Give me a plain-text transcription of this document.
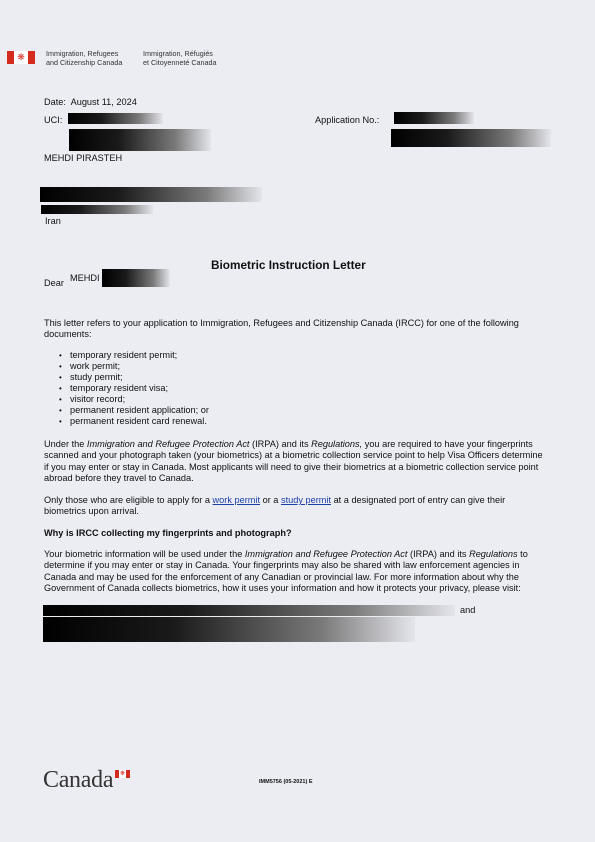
❋	Immigration, Refugees
and Citizenship Canada
Immigration, Réfugiés
et Citoyenneté Canada
Date: August 11, 2024
UCI:	Application No.:
MEHDI PIRASTEH
Iran
Biometric Instruction Letter
Dear MEHDI
This letter refers to your application to Immigration, Refugees and Citizenship Canada (IRCC) for one of the following documents:
• temporary resident permit;
• work permit;
• study permit;
• temporary resident visa;
• visitor record;
• permanent resident application; or
• permanent resident card renewal.
Under the Immigration and Refugee Protection Act (IRPA) and its Regulations, you are required to have your fingerprints scanned and your photograph taken (your biometrics) at a biometric collection service point to help Visa Officers determine if you may enter or stay in Canada. Most applicants will need to give their biometrics at a biometric collection service point abroad before they travel to Canada.
Only those who are eligible to apply for a work permit or a study permit at a designated port of entry can give their biometrics upon arrival.
Why is IRCC collecting my fingerprints and photograph?
Your biometric information will be used under the Immigration and Refugee Protection Act (IRPA) and its Regulations to determine if you may enter or stay in Canada. Your fingerprints may also be shared with law enforcement agencies in Canada and may be used for the enforcement of any Canadian or provincial law. For more information about why the Government of Canada collects biometrics, how it uses your information and how it protects your privacy, please visit:
and
Canada ❋
IMM5756 (05-2021) E
